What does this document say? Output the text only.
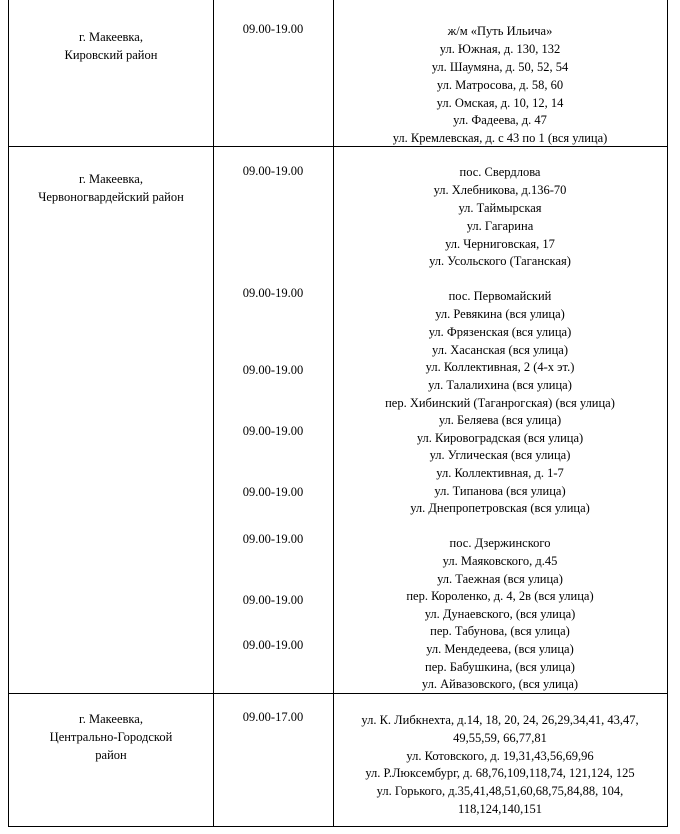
г. Макеевка,
Кировский район
09.00-19.00	ж/м «Путь Ильича»
ул. Южная, д. 130, 132
ул. Шаумяна, д. 50, 52, 54
ул. Матросова, д. 58, 60
ул. Омская, д. 10, 12, 14
ул. Фадеева, д. 47
ул. Кремлевская, д. с 43 по 1 (вся улица)
г. Макеевка,
Червоногвардейский район
09.00-19.00
09.00-19.00
09.00-19.00
09.00-19.00
09.00-19.00
09.00-19.00
09.00-19.00
09.00-19.00
пос. Свердлова
ул. Хлебникова, д.136-70
ул. Таймырская
ул. Гагарина
ул. Черниговская, 17
ул. Усольского (Таганская)
пос. Первомайский
ул. Ревякина (вся улица)
ул. Фрязенская (вся улица)
ул. Хасанская (вся улица)
ул. Коллективная, 2 (4-х эт.)
ул. Талалихина (вся улица)
пер. Хибинский (Таганрогская) (вся улица)
ул. Беляева (вся улица)
ул. Кировоградская (вся улица)
ул. Углическая (вся улица)
ул. Коллективная, д. 1-7
ул. Типанова (вся улица)
ул. Днепропетровская (вся улица)
пос. Дзержинского
ул. Маяковского, д.45
ул. Таежная (вся улица)
пер. Короленко, д. 4, 2в (вся улица)
ул. Дунаевского, (вся улица)
пер. Табунова, (вся улица)
ул. Мендедеева, (вся улица)
пер. Бабушкина, (вся улица)
ул. Айвазовского, (вся улица)
г. Макеевка,
Центрально-Городской
район
09.00-17.00	ул. К. Либкнехта, д.14, 18, 20, 24, 26,29,34,41, 43,47,
49,55,59, 66,77,81
ул. Котовского, д. 19,31,43,56,69,96
ул. Р.Люксембург, д. 68,76,109,118,74, 121,124, 125
ул. Горького, д.35,41,48,51,60,68,75,84,88, 104,
118,124,140,151
